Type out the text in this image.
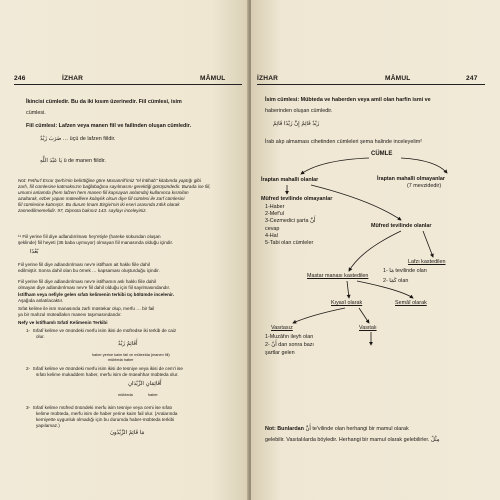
246	İZHAR	MÂMUL
İkincisi cümledir. Bu da iki kısım üzerinedir. Fiil cümlesi, isim
cümlesi.
Fiil cümlesi: Lafzen veya manen fiil ve failinden oluşan cümledir.
ضَرَبَ زَيْدٌ … üçü de lafzen fiildir.
يَا عَبْدَ اللَّهِ ü de manen fiildir.
Not: Fethu'l Esrar Şerhi'nin belirttiğine göre Musannif'imiz "el İntihab" kitabında yaptığı gibi
zarfı, fiil cümlesine katmaksızın bağlabağına sayılmasını gerektiği görüşündedir. Burada ise fiil,
umumi anlamda (hem lafzen hem manen fiil kapsayan anlamda) kullanınca kısmilan
azaltarak, ezber yapan müteelliere kolaylık olsun diye fiil cümlesi ile zarf cümlesini
fiil cümlesine katmıştır. Bu durum İmam Birgivi'nin iki eseri arasında zıtlık olarak
zannedilmemelidir. 97, Dipnota bakınız 143. sayfayı inceleyiniz.
¹¹ Fiil yerine fiil diye adlandırılması hey'etiyle (hareke sükundan oluşan
şeklinde) fiil heyeti (35 baba uymuyor) olmayan fiil manasında olduğu içindir.
بُعْدًا
Fiil yerine fiil diye adlandırılması nev'e istifham ait hakkı fiile dahil
edilmiştir. Sonra dahil olan bu örnek … kapsaması oluşturduğu içindir.
Fiil yerine fiil diye adlandırılması nev'e istifhamın aslı hakkı fiile dahil
olmayan diye adlandırılması nev'e fiil dahil olduğu için fiil sayılmasındandır.
İstifham veya nefiyle gelen sıfatı kelimenin terkibi üç bölümde incelenir.
Aşağıda anlatılacaktır.
Sıfat kelime ile ism manasında zarfı müstekar olup, merfu … bir fail
ya bir mahzul müteallakın manevı taşımasındandır.
Nefy ve İstifhamlı Sıfatî Kelimenin Terkibi
1- Sıfatî kelime ve önündeki merfu isim ikisi de müfredse iki terkib de caiz
olur.
أَقَائِمٌ زَيْدٌ
haber yerine kaim fail ve müteelda (manen fiil)
mübteda haber
2- Sıfatî kelime ve önündeki merfu isim ikisi de tesniye veya ikisi de cem'i ise
sıfatı kelime mukaddem haber, merfu isim de müeahhar mübteda olur.
أَقَائِمَانِ الزَّيْدَانِ
mübteda	haber
3- Sıfatî kelime müfred önündeki merfu isim tesniye veya cemi ise sıfatı
kelime mübteda, merfu isim de haber yerine kaim fail olur. (Aralarında
kemiyette uygunluk olmadığı için bu durumda haber-mübteda terkibi
yapılamaz.)
مَا قَائِمٌ الزَّيْدُونَ
İZHAR	MÂMUL	247
İsim cümlesi: Mübteda ve haberden veya amil olan harfin ismi ve
haberinden oluşan cümledir.
زَيْدٌ قَائِمٌ إِنَّ زَيْدًا قَائِمٌ
İrab alıp almaması cihetinden cümleleri şema halinde inceleyelim²
CÜMLE
İraptan mahalli olanlar	İraptan mahalli olmayanlar
(7 mevzidedir)
Müfred tevilinde olmayanlar
1-Haber
2-Mef'ul
3-Cezmedici şarta أَنَّ
cevap
4-Hal
5-Tabi olan cümleler
Müfred tevilinde olanlar
Lafzı kastedilen
1- مَا tevilinde olan
2- كَمَا olan
Mastar manası kastedilen
Kıyasî olarak	Semâî olarak
Vasıtasız	Vasıtalı
1-Muzâfın ileyh olan
2- أَنْ dan sonra bazı
şartlar gelen
Not: Bunlardan أَنَّ te'vilinde olan herhangi bir mamul olarak
gelebilir. Vasıtalılarda böyledir. Herhangi bir mamul olarak gelebilirler. مِثْلٌ
